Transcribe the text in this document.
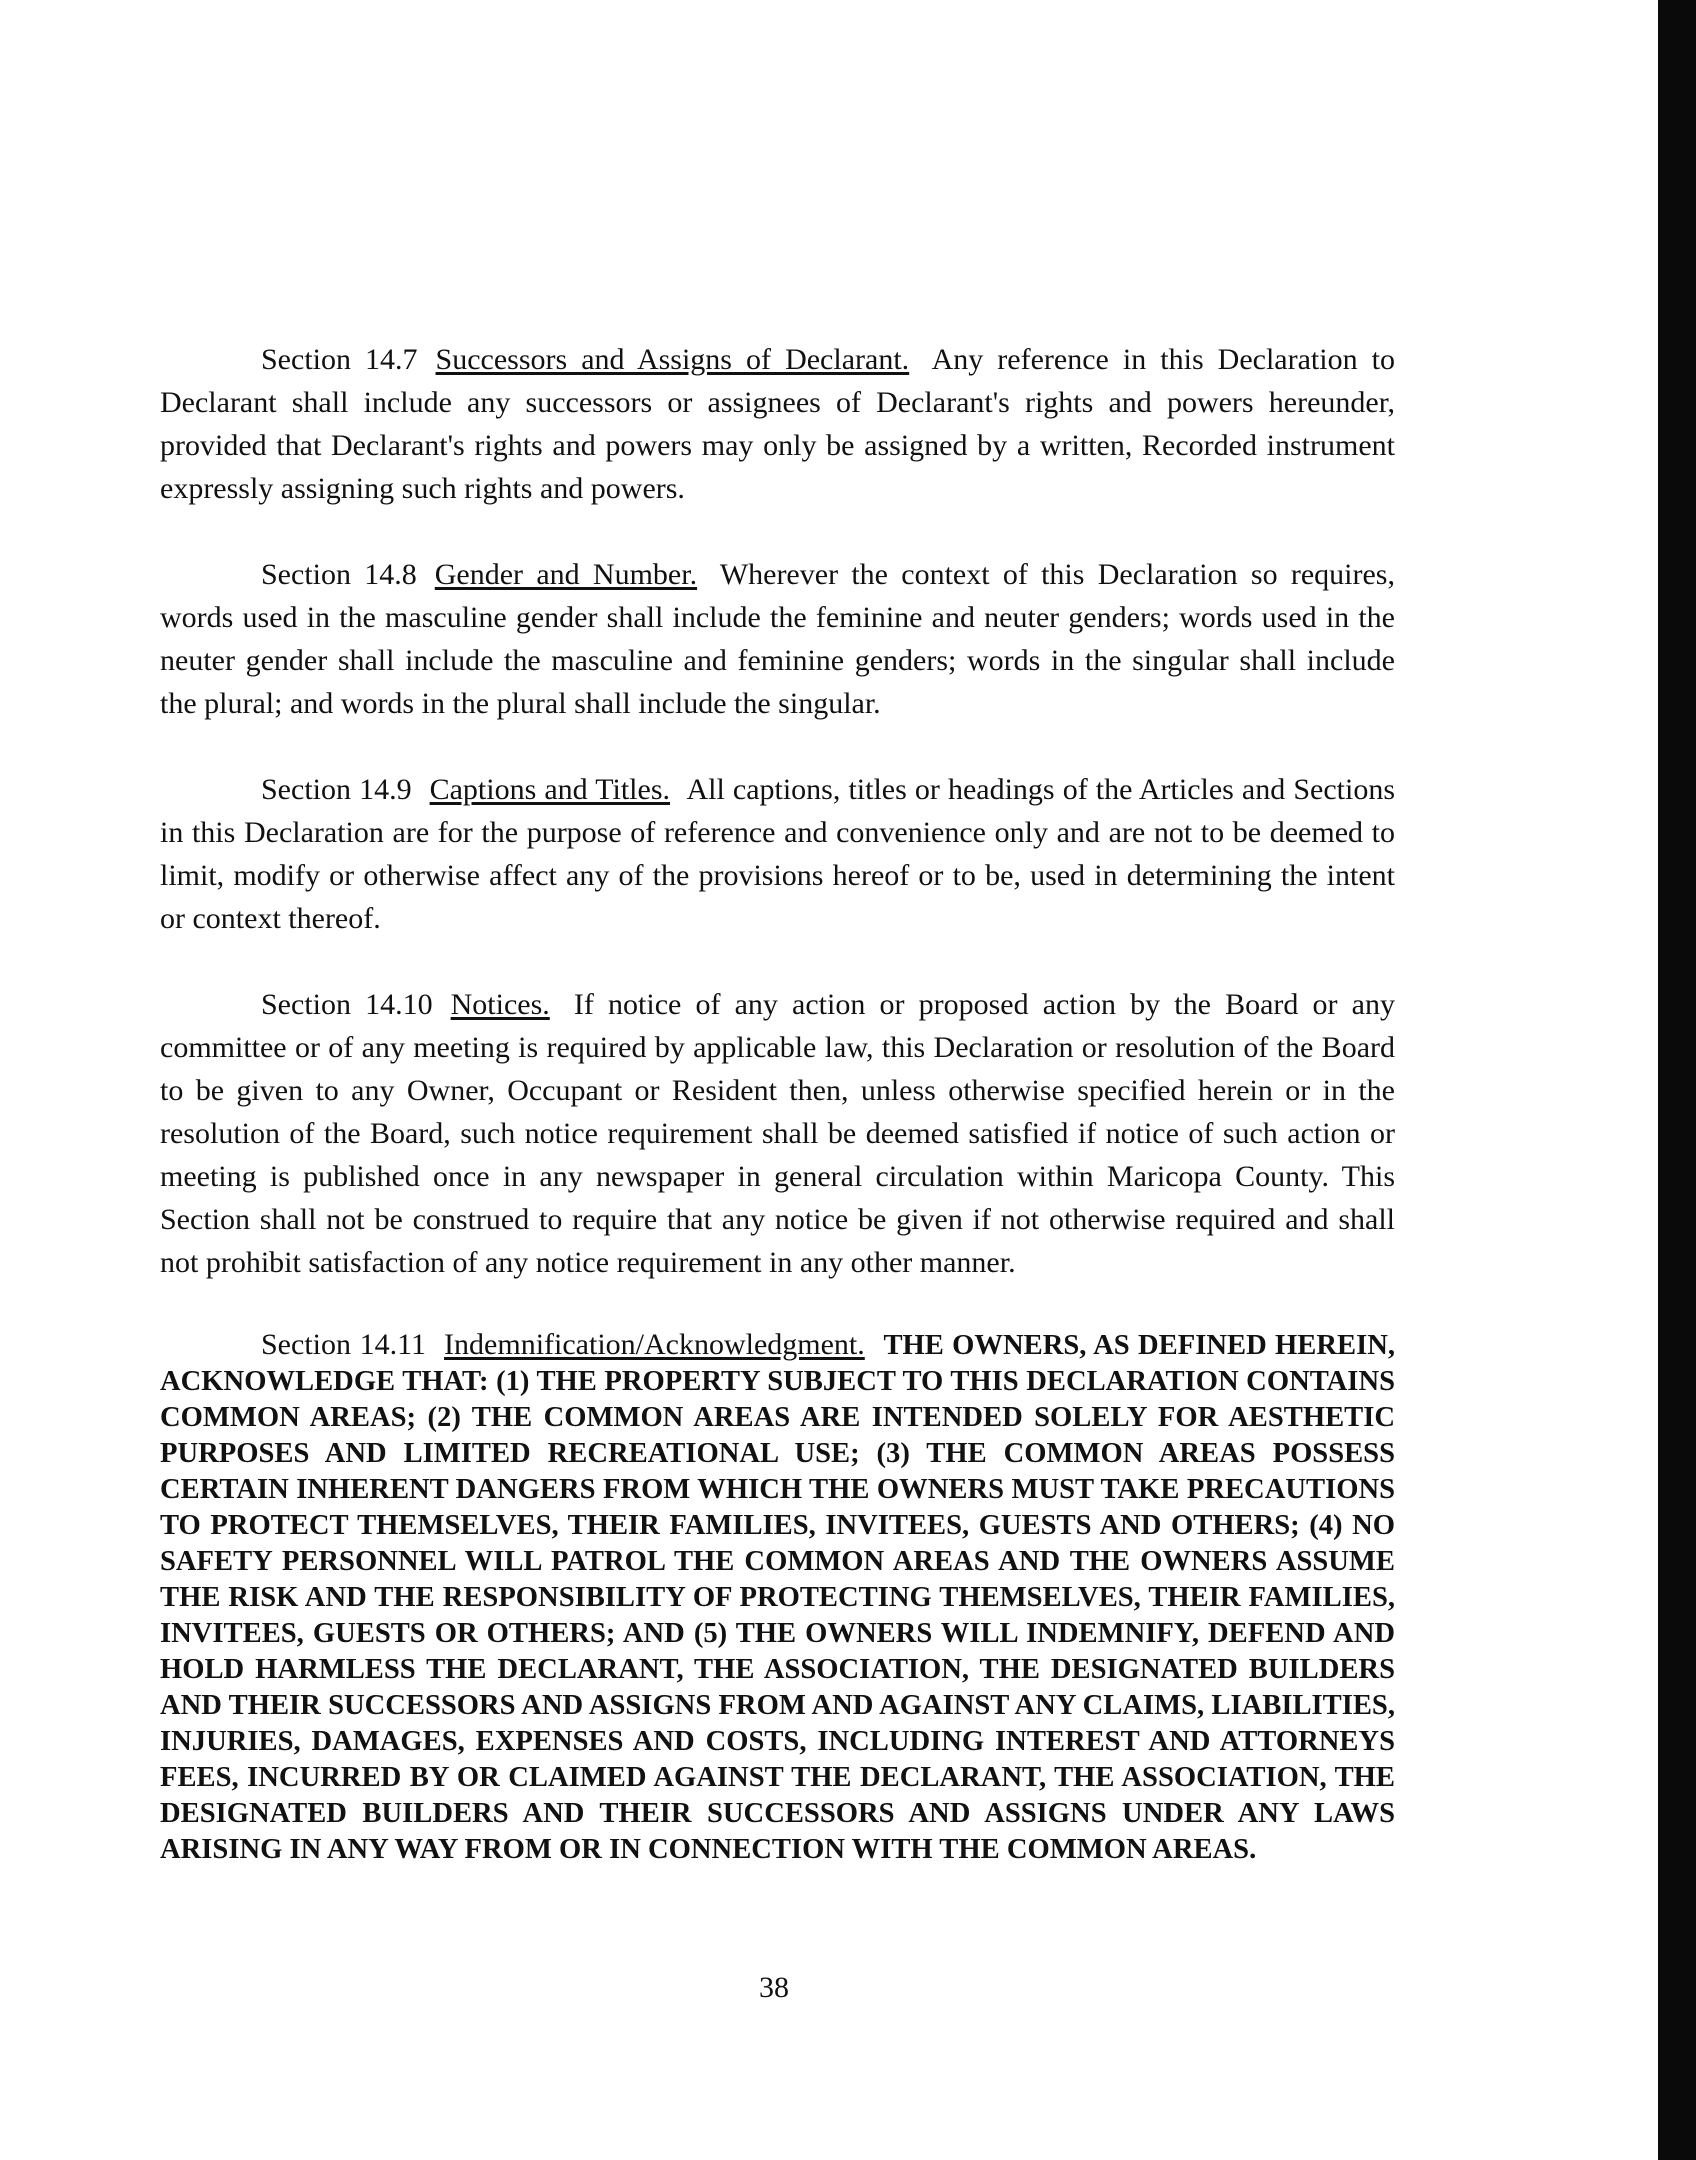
Section 14.7 Successors and Assigns of Declarant. Any reference in this Declaration to Declarant shall include any successors or assignees of Declarant's rights and powers hereunder, provided that Declarant's rights and powers may only be assigned by a written, Recorded instrument expressly assigning such rights and powers.

Section 14.8 Gender and Number. Wherever the context of this Declaration so requires, words used in the masculine gender shall include the feminine and neuter genders; words used in the neuter gender shall include the masculine and feminine genders; words in the singular shall include the plural; and words in the plural shall include the singular.

Section 14.9 Captions and Titles. All captions, titles or headings of the Articles and Sections in this Declaration are for the purpose of reference and convenience only and are not to be deemed to limit, modify or otherwise affect any of the provisions hereof or to be, used in determining the intent or context thereof.

Section 14.10 Notices. If notice of any action or proposed action by the Board or any committee or of any meeting is required by applicable law, this Declaration or resolution of the Board to be given to any Owner, Occupant or Resident then, unless otherwise specified herein or in the resolution of the Board, such notice requirement shall be deemed satisfied if notice of such action or meeting is published once in any newspaper in general circulation within Maricopa County. This Section shall not be construed to require that any notice be given if not otherwise required and shall not prohibit satisfaction of any notice requirement in any other manner.

Section 14.11 Indemnification/Acknowledgment. THE OWNERS, AS DEFINED HEREIN, ACKNOWLEDGE THAT: (1) THE PROPERTY SUBJECT TO THIS DECLARATION CONTAINS COMMON AREAS; (2) THE COMMON AREAS ARE INTENDED SOLELY FOR AESTHETIC PURPOSES AND LIMITED RECREATIONAL USE; (3) THE COMMON AREAS POSSESS CERTAIN INHERENT DANGERS FROM WHICH THE OWNERS MUST TAKE PRECAUTIONS TO PROTECT THEMSELVES, THEIR FAMILIES, INVITEES, GUESTS AND OTHERS; (4) NO SAFETY PERSONNEL WILL PATROL THE COMMON AREAS AND THE OWNERS ASSUME THE RISK AND THE RESPONSIBILITY OF PROTECTING THEMSELVES, THEIR FAMILIES, INVITEES, GUESTS OR OTHERS; AND (5) THE OWNERS WILL INDEMNIFY, DEFEND AND HOLD HARMLESS THE DECLARANT, THE ASSOCIATION, THE DESIGNATED BUILDERS AND THEIR SUCCESSORS AND ASSIGNS FROM AND AGAINST ANY CLAIMS, LIABILITIES, INJURIES, DAMAGES, EXPENSES AND COSTS, INCLUDING INTEREST AND ATTORNEYS FEES, INCURRED BY OR CLAIMED AGAINST THE DECLARANT, THE ASSOCIATION, THE DESIGNATED BUILDERS AND THEIR SUCCESSORS AND ASSIGNS UNDER ANY LAWS ARISING IN ANY WAY FROM OR IN CONNECTION WITH THE COMMON AREAS.

38
